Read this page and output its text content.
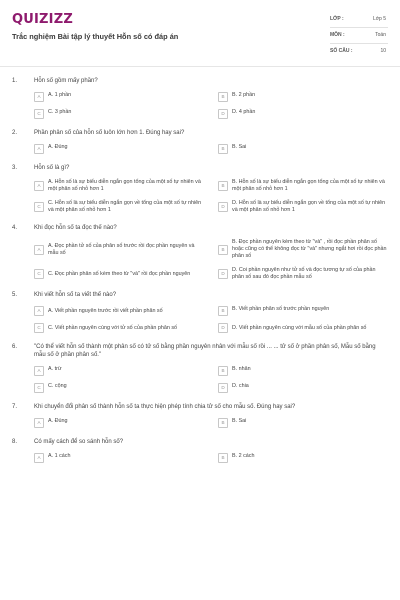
QUIZIZZ
Trắc nghiệm Bài tập lý thuyết Hỗn số có đáp án
LỚP :	Lớp 5
MÔN :	Toán
SỐ CÂU :	10
1.	Hỗn số gồm mấy phần?
A	A. 1 phần	B	B. 2 phần
C	C. 3 phần	D	D. 4 phần
2.	Phần phân số của hỗn số luôn lớn hơn 1. Đúng hay sai?
A	A. Đúng	B	B. Sai
3.	Hỗn số là gì?
A
A. Hỗn số là sự biểu diễn ngắn gọn tổng của một số tự nhiên và một phân số nhỏ hơn 1
B
B. Hỗn số là sự biểu diễn ngắn gọn tổng của một số tự nhiên và một phân số nhỏ hơn 1
C
C. Hỗn số là sự biểu diễn ngắn gọn về tổng của một số tự nhiên và một phân số nhỏ hơn 1
D
D. Hỗn số là sự biểu diễn ngắn gọn về tổng của một số tự nhiên và một phân số nhỏ hơn 1
4.	Khi đọc hỗn số ta đọc thế nào?
A
A. Đọc phần tử số của phân số trước rồi đọc phần nguyên và mẫu số
B
B. Đọc phần nguyên kèm theo từ "và" , rồi đọc phần phân số hoặc cũng có thể không đọc từ "và" nhưng ngắt hơi rồi đọc phần phân số
C	C. Đọc phần phân số kèm theo từ "và" rồi đọc phần nguyên	D
D. Coi phần nguyên như tử số và đọc tương tự số của phần phân số sau đó đọc phần mẫu số
5.	Khi viết hỗn số ta viết thế nào?
A	A. Viết phần nguyên trước rồi viết phần phân số	B	B. Viết phần phân số trước phần nguyên
C	C. Viết phần nguyên cùng với tử số của phần phân số	D	D. Viết phần nguyên cùng với mẫu số của phần phân số
6.	"Có thể viết hỗn số thành một phân số có tử số bằng phần nguyên nhân với mẫu số rồi ... ... tử số ở phần phân số, Mẫu số bằng mẫu số ở phần phân số."
A	A. trừ	B	B. nhân
C	C. cộng	D	D. chia
7.	Khi chuyển đổi phân số thành hỗn số ta thực hiện phép tính chia tử số cho mẫu số. Đúng hay sai?
A	A. Đúng	B	B. Sai
8.	Có mấy cách để so sánh hỗn số?
A	A. 1 cách	B	B. 2 cách
